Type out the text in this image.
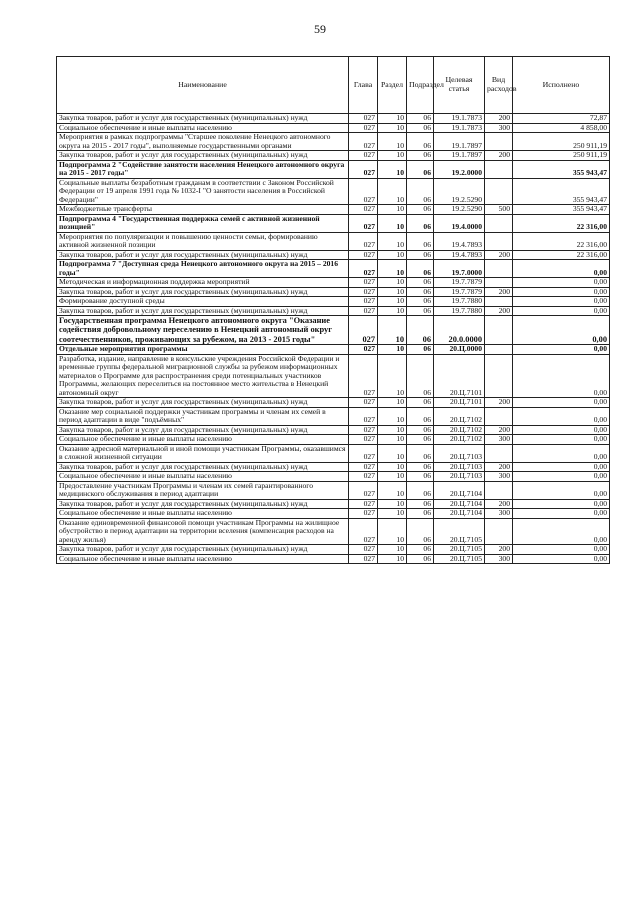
59
Наименование	Глава	Раздел	Подраздел	Целевая статья	Вид расходов	Исполнено
Закупка товаров, работ и услуг для государственных (муниципальных) нужд	027	10	06	19.1.7873	200	72,87
Социальное обеспечение и иные выплаты населению	027	10	06	19.1.7873	300	4 858,00
Мероприятия в рамках подпрограммы "Старшее поколение Ненецкого автономного округа на 2015 - 2017 годы", выполняемые государственными органами	027	10	06	19.1.7897		250 911,19
Закупка товаров, работ и услуг для государственных (муниципальных) нужд	027	10	06	19.1.7897	200	250 911,19
Подпрограмма 2 "Содействие занятости населения Ненецкого автономного округа на 2015 - 2017 годы"	027	10	06	19.2.0000		355 943,47
Социальные выплаты безработным гражданам в соответствии с Законом Российской Федерации от 19 апреля 1991 года № 1032-I "О занятости населения в Российской Федерации"	027	10	06	19.2.5290		355 943,47
Межбюджетные трансферты	027	10	06	19.2.5290	500	355 943,47
Подпрограмма 4 "Государственная поддержка семей с активной жизненной позицией"	027	10	06	19.4.0000		22 316,00
Мероприятия по популяризации и повышению ценности семьи, формированию активной жизненной позиции	027	10	06	19.4.7893		22 316,00
Закупка товаров, работ и услуг для государственных (муниципальных) нужд	027	10	06	19.4.7893	200	22 316,00
Подпрограмма 7 "Доступная среда Ненецкого автономного округа на 2015 – 2016 годы"	027	10	06	19.7.0000		0,00
Методическая и информационная поддержка мероприятий	027	10	06	19.7.7879		0,00
Закупка товаров, работ и услуг для государственных (муниципальных) нужд	027	10	06	19.7.7879	200	0,00
Формирование доступной среды	027	10	06	19.7.7880		0,00
Закупка товаров, работ и услуг для государственных (муниципальных) нужд	027	10	06	19.7.7880	200	0,00
Государственная программа Ненецкого автономного округа "Оказание содействия добровольному переселению в Ненецкий автономный округ соотечественников, проживающих за рубежом, на 2013 - 2015 годы"	027	10	06	20.0.0000		0,00
Отдельные мероприятия программы	027	10	06	20.Ц.0000		0,00
Разработка, издание, направление в консульские учреждения Российской Федерации и временные группы федеральной миграционной службы за рубежом информационных материалов о Программе для распространения среди потенциальных участников Программы, желающих переселиться на постоянное место жительства в Ненецкий автономный округ	027	10	06	20.Ц.7101		0,00
Закупка товаров, работ и услуг для государственных (муниципальных) нужд	027	10	06	20.Ц.7101	200	0,00
Оказание мер социальной поддержки участникам программы и членам их семей в период адаптации в виде "подъёмных"	027	10	06	20.Ц.7102		0,00
Закупка товаров, работ и услуг для государственных (муниципальных) нужд	027	10	06	20.Ц.7102	200	0,00
Социальное обеспечение и иные выплаты населению	027	10	06	20.Ц.7102	300	0,00
Оказание адресной материальной и иной помощи участникам Программы, оказавшимся в сложной жизненной ситуации	027	10	06	20.Ц.7103		0,00
Закупка товаров, работ и услуг для государственных (муниципальных) нужд	027	10	06	20.Ц.7103	200	0,00
Социальное обеспечение и иные выплаты населению	027	10	06	20.Ц.7103	300	0,00
Предоставление участникам Программы и членам их семей гарантированного медицинского обслуживания в период адаптации	027	10	06	20.Ц.7104		0,00
Закупка товаров, работ и услуг для государственных (муниципальных) нужд	027	10	06	20.Ц.7104	200	0,00
Социальное обеспечение и иные выплаты населению	027	10	06	20.Ц.7104	300	0,00
Оказание единовременной финансовой помощи участникам Программы на жилищное обустройство в период адаптации на территории вселения (компенсация расходов на аренду жилья)	027	10	06	20.Ц.7105		0,00
Закупка товаров, работ и услуг для государственных (муниципальных) нужд	027	10	06	20.Ц.7105	200	0,00
Социальное обеспечение и иные выплаты населению	027	10	06	20.Ц.7105	300	0,00
